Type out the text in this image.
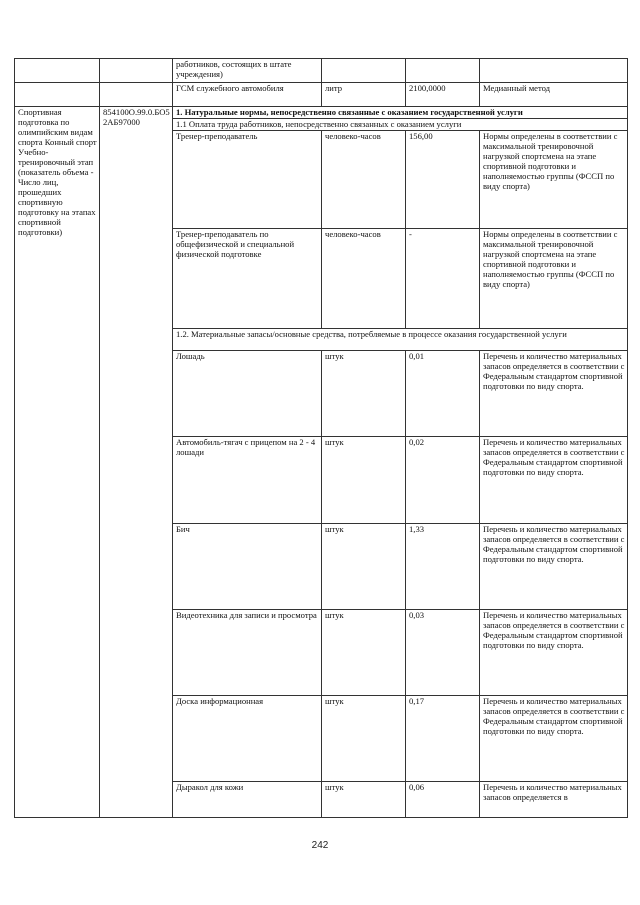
		работников, состоящих в штате учреждения)			
		ГСМ служебного автомобиля	литр	2100,0000	Медианный метод
Спортивная подготовка по олимпийским видам спорта Конный спорт Учебно-тренировочный этап (показатель объема - Число лиц, прошедших спортивную подготовку на этапах спортивной подготовки)	854100О.99.0.БО52АБ97000	1. Натуральные нормы, непосредственно связанные с оказанием государственной услуги			
		1.1 Оплата труда работников, непосредственно связанных с оказанием услуги			
		Тренер-преподаватель	человеко-часов	156,00	Нормы определены в соответствии с максимальной тренировочной нагрузкой спортсмена на этапе спортивной подготовки и наполняемостью группы (ФССП по виду спорта)
		Тренер-преподаватель по общефизической и специальной физической подготовке	человеко-часов	-	Нормы определены в соответствии с максимальной тренировочной нагрузкой спортсмена на этапе спортивной подготовки и наполняемостью группы (ФССП по виду спорта)
		1.2. Материальные запасы/основные средства, потребляемые в процессе оказания государственной услуги			
		Лошадь	штук	0,01	Перечень и количество материальных запасов определяется в соответствии с Федеральным стандартом спортивной подготовки по виду спорта.
		Автомобиль-тягач с прицепом на 2 - 4 лошади	штук	0,02	Перечень и количество материальных запасов определяется в соответствии с Федеральным стандартом спортивной подготовки по виду спорта.
		Бич	штук	1,33	Перечень и количество материальных запасов определяется в соответствии с Федеральным стандартом спортивной подготовки по виду спорта.
		Видеотехника для записи и просмотра	штук	0,03	Перечень и количество материальных запасов определяется в соответствии с Федеральным стандартом спортивной подготовки по виду спорта.
		Доска информационная	штук	0,17	Перечень и количество материальных запасов определяется в соответствии с Федеральным стандартом спортивной подготовки по виду спорта.
		Дыракол для кожи	штук	0,06	Перечень и количество материальных запасов определяется в
242
